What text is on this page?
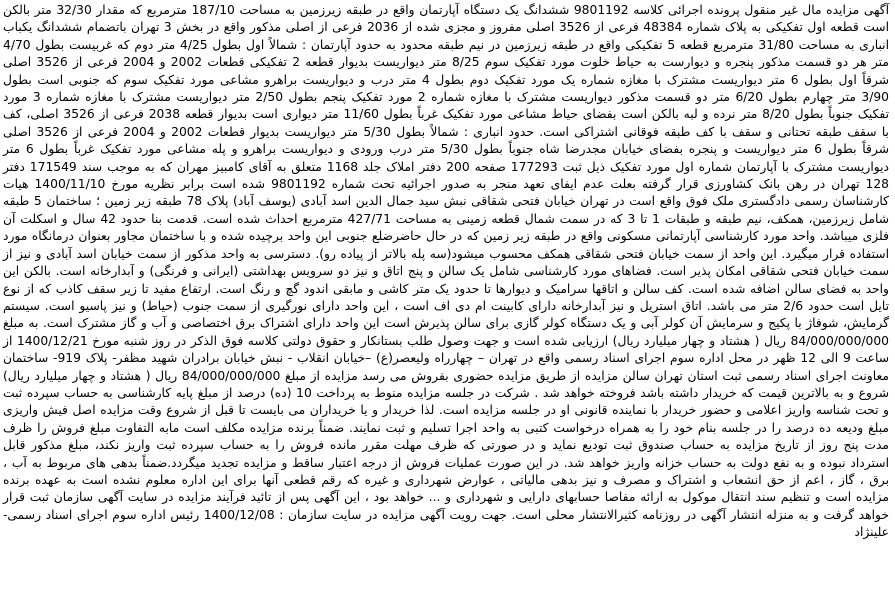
آگهی مزایده مال غیر منقول پرونده اجرائی کلاسه 9801192 ششدانگ یک دستگاه آپارتمان واقع در طبقه زیرزمین به مساحت 187/10 مترمربع که مقدار 32/30 متر بالکن است قطعه اول تفکیکی به پلاک شماره 48384 فرعی از 3526 اصلی مفروز و مجزی شده از 2036 فرعی از اصلی مذکور واقع در بخش 3 تهران باتضمام ششدانگ یکباب انباری به مساحت 31/80 مترمربع قطعه 5 تفکیکی واقع در طبقه زیرزمین در نیم طبقه محدود به حدود آپارتمان : شمالاً اول بطول 4/25 متر دوم که غربیست بطول 4/70 متر هر دو قسمت مذکور پنجره و دیوارست به حیاط خلوت مورد تفکیک سوم 8/25 متر دیواریست بدیوار قطعه 2 تفکیکی قطعات 2002 و 2004 فرعی از 3526 اصلی شرقاً اول بطول 6 متر دیواریست مشترک با مغازه شماره یک مورد تفکیک دوم بطول 4 متر درب و دیواریست براهرو مشاعی مورد تفکیک سوم که جنوبی است بطول 3/90 متر چهارم بطول 6/20 متر دو قسمت مذکور دیواریست مشترک با مغازه شماره 2 مورد تفکیک پنجم بطول 2/50 متر دیواریست مشترک با مغازه شماره 3 مورد تفکیک جنوباً بطول 8/20 متر نرده و لبه بالکن است بفضای حیاط مشاعی مورد تفکیک غرباً بطول 11/60 متر دیواری است بدیوار قطعه 2038 فرعی از 3526 اصلی، کف با سقف طبقه تحتانی و سقف با کف طبقه فوقانی اشتراکی است. حدود انباری : شمالاً بطول 5/30 متر دیواریست بدیوار قطعات 2002 و 2004 فرعی از 3526 اصلی شرقاً بطول 6 متر دیواریست و پنجره بفضای خیابان مجدرضا شاه جنوباً بطول 5/30 متر درب ورودی و دیواریست براهرو و پله مشاعی مورد تفکیک غرباً بطول 6 متر دیواریست مشترک با آپارتمان شماره اول مورد تفکیک ذیل ثبت 177293 صفحه 200 دفتر املاک جلد 1168 متعلق به آقای کامبیز مهران که به موجب سند 171549 دفتر 128 تهران در رهن بانک کشاورزی قرار گرفته بعلت عدم ایفای تعهد منجر به صدور اجرائیه تحت شماره 9801192 شده است برابر نظریه مورخ 1400/11/10 هیات کارشناسان رسمی دادگستری ملک فوق واقع است در تهران خیابان فتحی شقاقی نبش سید جمال الدین اسد آبادی (یوسف آباد) پلاک 78 طبقه زیر زمین ؛ ساختمان 5 طبقه شامل زیرزمین، همکف، نیم طبقه و طبقات 1 تا 3 که در سمت شمال قطعه زمینی به مساحت 427/71 مترمربع احداث شده است. قدمت بنا حدود 42 سال و اسکلت آن فلزی میباشد. واحد مورد کارشناسی آپارتمانی مسکونی واقع در طبقه زیر زمین که در حال حاضرضلع جنوبی این واحد برچیده شده و با ساختمان مجاور بعنوان درمانگاه مورد استفاده قرار میگیرد. این واحد از سمت خیابان فتحی شقاقی همکف محسوب میشود(سه پله بالاتر از پیاده رو). دسترسی به واحد مذکور از سمت خیابان اسد آبادی و نیز از سمت خیابان فتحی شقاقی امکان پذیر است. فضاهای مورد کارشناسی شامل یک سالن و پنج اتاق و نیز دو سرویس بهداشتی (ایرانی و فرنگی) و آبدارخانه است. بالکن این واحد به فضای سالن اضافه شده است. کف سالن و اتاقها سرامیک و دیوارها تا حدود یک متر کاشی و مابقی اندود گچ و رنگ است. ارتفاع مفید تا زیر سقف کاذب که از نوع تایل است حدود 2/6 متر می باشد. اتاق استریل و نیز آبدارخانه دارای کابینت ام دی اف است ، این واحد دارای نورگیری از سمت جنوب (حیاط) و نیز پاسیو است. سیستم گرمایش، شوفاژ با پکیج و سرمایش آن کولر آبی و یک دستگاه کولر گازی برای سالن پذیرش است این واحد دارای اشتراک برق اختصاصی و آب و گاز مشترک است. به مبلغ 84/000/000/000 ریال ( هشتاد و چهار میلیارد ریال) ارزیابی شده است و جهت وصول طلب بستانکار و حقوق دولتی کلاسه فوق الذکر در روز شنبه مورخ 1400/12/21 از ساعت 9 الی 12 ظهر در محل اداره سوم اجرای اسناد رسمی واقع در تهران – چهارراه ولیعصر(ع) –خیابان انقلاب - نبش خیابان برادران شهید مظفر- پلاک 919- ساختمان معاونت اجرای اسناد رسمی ثبت استان تهران سالن مزایده از طریق مزایده حضوری بفروش می رسد مزایده از مبلغ 84/000/000/000 ریال ( هشتاد و چهار میلیارد ریال) شروع و به بالاترین قیمت که خریدار داشته باشد فروخته خواهد شد . شرکت در جلسه مزایده منوط به پرداخت 10 (ده) درصد از مبلغ پایه کارشناسی به حساب سپرده ثبت و تحت شناسه واریز اعلامی و حضور خریدار با نماینده قانونی او در جلسه مزایده است. لذا خریدار و یا خریداران می بایست تا قبل از شروع وقت مزایده اصل فیش واریزی مبلغ ودیعه ده درصد را در جلسه بنام خود را به همراه درخواست کتبی به واحد اجرا تسلیم و ثبت نمایند. ضمناً برنده مزایده مکلف است مابه التفاوت مبلغ فروش را ظرف مدت پنج روز از تاریخ مزایده به حساب صندوق ثبت تودیع نماید و در صورتی که ظرف مهلت مقرر مانده فروش را به حساب سپرده ثبت واریز نکند، مبلغ مذکور قابل استرداد نبوده و به نفع دولت به حساب خزانه واریز خواهد شد. در این صورت عملیات فروش از درجه اعتبار ساقط و مزایده تجدید میگردد.ضمناً بدهی های مربوط به آب ، برق ، گاز ، اعم از حق انشعاب و اشتراک و مصرف و نیز بدهی مالیاتی ، عوارض شهرداری و غیره که رقم قطعی آنها برای این اداره معلوم نشده است به عهده برنده مزایده است و تنظیم سند انتقال موکول به ارائه مفاصا حسابهای دارایی و شهرداری و ... خواهد بود ، این آگهی پس از تائید فرآیند مزایده در سایت آگهی سازمان ثبت قرار خواهد گرفت و به منزله انتشار آگهی در روزنامه کثیرالانتشار محلی است. جهت رویت آگهی مزایده در سایت سازمان : 1400/12/08 رئیس اداره سوم اجرای اسناد رسمی- علینژاد
